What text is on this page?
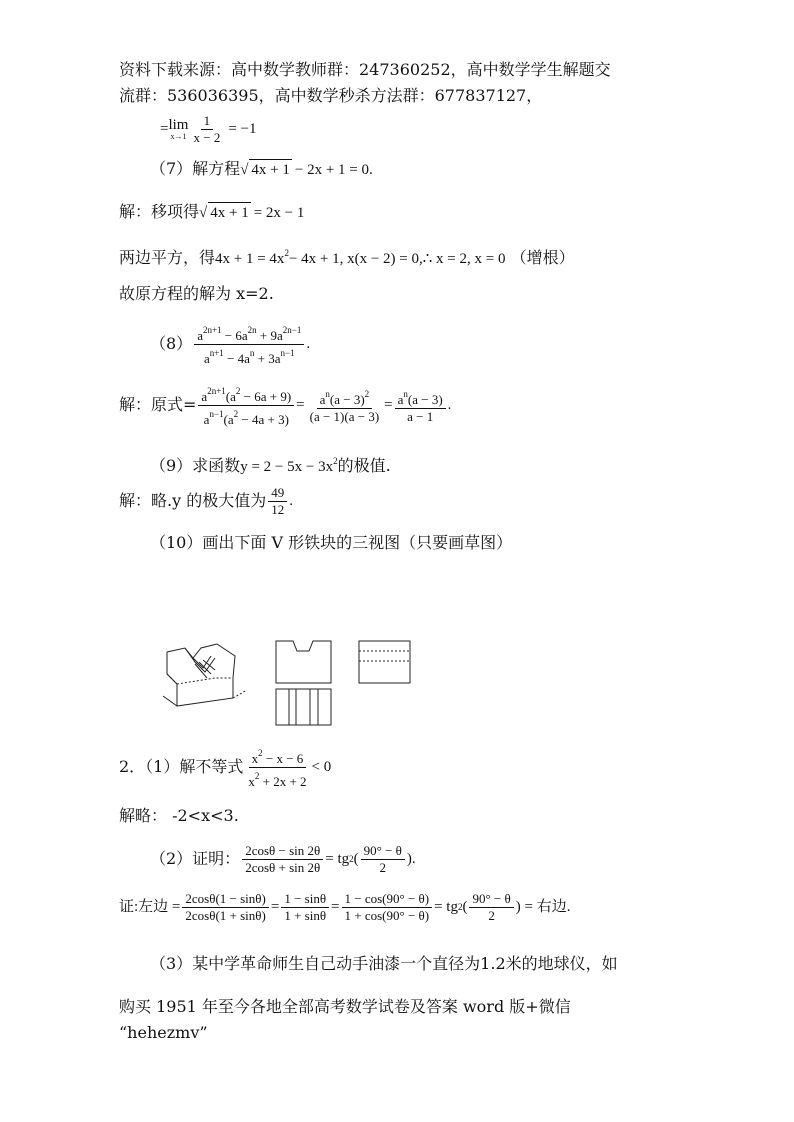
资料下载来源：高中数学教师群：247360252，高中数学学生解题交
流群：536036395，高中数学秒杀方法群：677837127，
= lim
$x\to 1 \frac{1}{x - 2} = -1$
（7）解方程√ 4x + 1 − 2x + 1 = 0.
解：移项得√ 4x + 1 = 2x − 1
两边平方，得$4x + 1 = 4x^2- 4x + 1$, x(x − 2) = 0,∴ x = 2, x = 0 （增根）
故原方程的解为 x=2.
$(8) \frac{a^{2n+1} - 6a^{2n} + 9a^{2n-1}}{a^{n+1} - 4a^n + 3a^{n-1}}$ .
解：原式= $\frac{a^{2n+1}(a^2 - 6a + 9)}{a^{n-1}(a^2 - 4a + 3)} = \frac{a^n(a - 3)^2}{(a - 1)(a - 3)} = \frac{a^n(a - 3)}{a - 1}$ .
（9）求函数$y = 2 - 5x - 3x^2$的极值.
解：略.y 的极大值为 $\frac{49}{12}$ .
（10）画出下面 V 形铁块的三视图（只要画草图）
2．（1）解不等式 $\frac{x^2 - x - 6}{x^2 + 2x + 2} < 0$
解略： -2<x<3.
（2）证明： $\frac{2\cos\theta - \sin 2\theta}{2\cos\theta + \sin 2\theta}$ = tg 2 ( $\frac{90^\circ - \theta}{2}$ ).
证:左边 = $\frac{2\cos\theta(1 - \sin\theta)}{2\cos\theta(1 + \sin\theta)} = \frac{1 - \sin\theta}{1 + \sin\theta} = \frac{1 - \cos(90^\circ - \theta)}{1 + \cos(90^\circ - \theta)}$ = tg 2 ( $\frac{90^\circ - \theta}{2}$ ) = 右边.
（3）某中学革命师生自己动手油漆一个直径为1.2米的地球仪，如
购买 1951 年至今各地全部高考数学试卷及答案 word 版+微信
“hehezmv”
